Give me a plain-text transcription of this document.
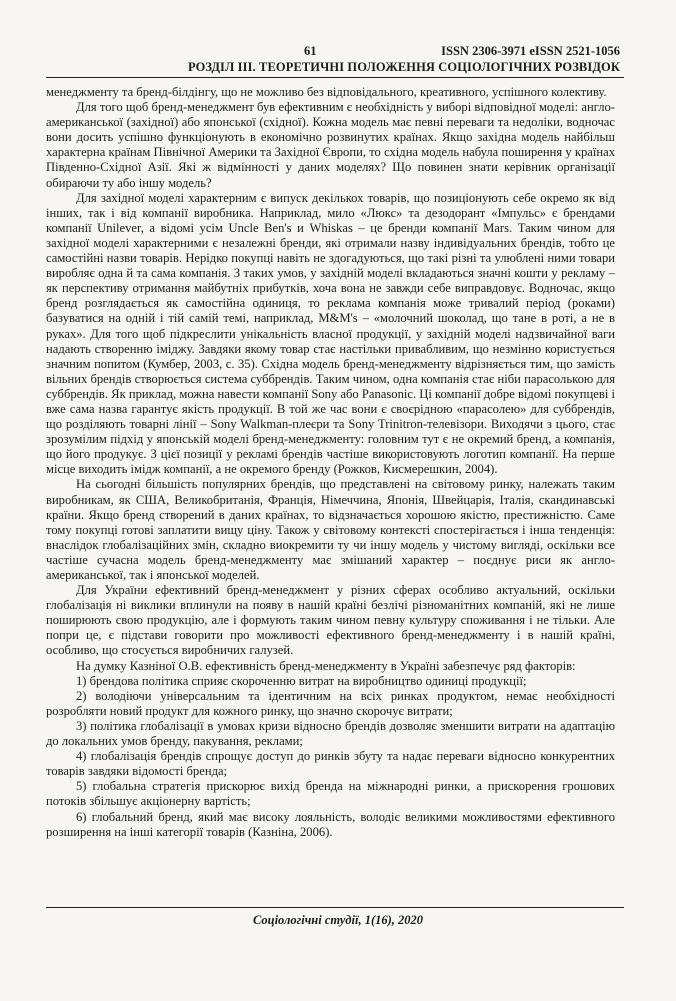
61	ISSN 2306-3971 eISSN 2521-1056
РОЗДІЛ ІІІ. ТЕОРЕТИЧНІ ПОЛОЖЕННЯ СОЦІОЛОГІЧНИХ РОЗВІДОК

менеджменту та бренд-білдінгу, що не можливо без відповідального, креативного, успішного колективу.

Для того щоб бренд-менеджмент був ефективним є необхідність у виборі відповідної моделі: англо-американської (західної) або японської (східної). Кожна модель має певні переваги та недоліки, водночас вони досить успішно функціонують в економічно розвинутих країнах. Якщо західна модель найбільш характерна країнам Північної Америки та Західної Європи, то східна модель набула поширення у країнах Південно-Східної Азії. Які ж відмінності у даних моделях? Що повинен знати керівник організації обираючи ту або іншу модель?

Для західної моделі характерним є випуск декількох товарів, що позиціонують себе окремо як від інших, так і від компанії виробника. Наприклад, мило «Люкс» та дезодорант «Імпульс» є брендами компанії Unilever, а відомі усім Uncle Ben's и Whiskas – це бренди компанії Mars. Таким чином для західної моделі характерними є незалежні бренди, які отримали назву індивідуальних брендів, тобто це самостійні назви товарів. Нерідко покупці навіть не здогадуються, що такі різні та улюблені ними товари виробляє одна й та сама компанія. З таких умов, у західній моделі вкладаються значні кошти у рекламу – як перспективу отримання майбутніх прибутків, хоча вона не завжди себе виправдовує. Водночас, якщо бренд розглядається як самостійна одиниця, то реклама компанія може тривалий період (роками) базуватися на одній і тій самій темі, наприклад, M&M's – «молочний шоколад, що тане в роті, а не в руках». Для того щоб підкреслити унікальність власної продукції, у західній моделі надзвичайної ваги надають створенню іміджу. Завдяки якому товар стає настільки привабливим, що незмінно користується значним попитом (Кумбер, 2003, с. 35). Східна модель бренд-менеджменту відрізняється тим, що замість вільних брендів створюється система суббрендів. Таким чином, одна компанія стає ніби парасолькою для суббрендів. Як приклад, можна навести компанії Sony або Panasonic. Ці компанії добре відомі покупцеві і вже сама назва гарантує якість продукції. В той же час вони є своєрідною «парасолею» для суббрендів, що розділяють товарні лінії – Sony Walkman-плеєри та Sony Trinitron-телевізори. Виходячи з цього, стає зрозумілим підхід у японській моделі бренд-менеджменту: головним тут є не окремий бренд, а компанія, що його продукує. З цієї позиції у рекламі брендів частіше використовують логотип компанії. На перше місце виходить імідж компанії, а не окремого бренду (Рожков, Кисмерешкин, 2004).

На сьогодні більшість популярних брендів, що представлені на світовому ринку, належать таким виробникам, як США, Великобританія, Франція, Німеччина, Японія, Швейцарія, Італія, скандинавські країни. Якщо бренд створений в даних країнах, то відзначається хорошою якістю, престижністю. Саме тому покупці готові заплатити вищу ціну. Також у світовому контексті спостерігається і інша тенденція: внаслідок глобалізаційних змін, складно виокремити ту чи іншу модель у чистому вигляді, оскільки все частіше сучасна модель бренд-менеджменту має змішаний характер – поєднує риси як англо-американської, так і японської моделей.

Для України ефективний бренд-менеджмент у різних сферах особливо актуальний, оскільки глобалізація ні виклики вплинули на появу в нашій країні безлічі різноманітних компаній, які не лише поширюють свою продукцію, але і формують таким чином певну культуру споживання і не тільки. Але попри це, є підстави говорити про можливості ефективного бренд-менеджменту і в нашій країні, особливо, що стосується виробничих галузей.

На думку Казніної О.В. ефективність бренд-менеджменту в Україні забезпечує ряд факторів:

1) брендова політика сприяє скороченню витрат на виробництво одиниці продукції;

2) володіючи універсальним та ідентичним на всіх ринках продуктом, немає необхідності розробляти новий продукт для кожного ринку, що значно скорочує витрати;

3) політика глобалізації в умовах кризи відносно брендів дозволяє зменшити витрати на адаптацію до локальних умов бренду, пакування, реклами;

4) глобалізація брендів спрощує доступ до ринків збуту та надає переваги відносно конкурентних товарів завдяки відомості бренда;

5) глобальна стратегія прискорює вихід бренда на міжнародні ринки, а прискорення грошових потоків збільшує акціонерну вартість;

6) глобальний бренд, який має високу лояльність, володіє великими можливостями ефективного розширення на інші категорії товарів (Казніна, 2006).

Соціологічні студії, 1(16), 2020
